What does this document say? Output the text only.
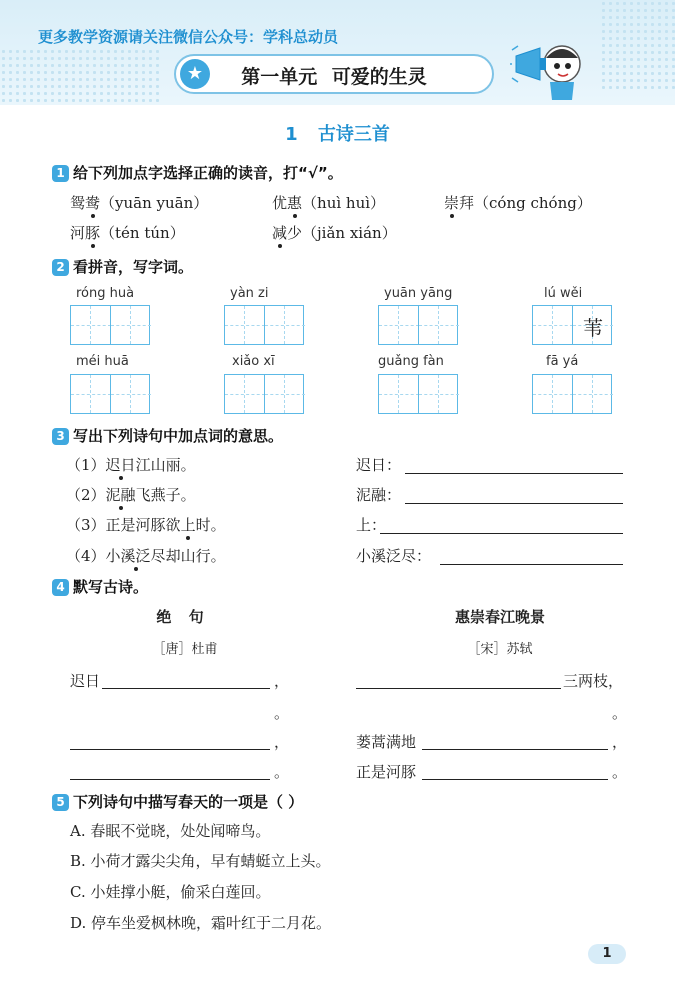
更多教学资源请关注微信公众号：学科总动员
★	第一单元 可爱的生灵
1 古诗三首
1 给下列加点字选择正确的读音，打“√”。
鸳鸯（yuān yuān）	优惠（huì huì）	崇拜（cóng chóng）
河豚（tén tún）	减少（jiǎn xián）
2 看拼音，写字词。
róng huà	yàn zi	yuān yāng	lú wěi
苇
méi huā	xiǎo xī	guǎng fàn	fā yá
3 写出下列诗句中加点词的意思。
（1）迟日江山丽。	迟日：
（2）泥融飞燕子。	泥融：
（3）正是河豚欲上时。	上：
（4）小溪泛尽却山行。	小溪泛尽：
4 默写古诗。
绝 句
［唐］杜甫
迟日	，
。
，
。
惠崇春江晚景
［宋］苏轼
三两枝，
。
蒌蒿满地	，
正是河豚	。
5 下列诗句中描写春天的一项是（ ）
A. 春眠不觉晓，处处闻啼鸟。
B. 小荷才露尖尖角，早有蜻蜓立上头。
C. 小娃撑小艇，偷采白莲回。
D. 停车坐爱枫林晚，霜叶红于二月花。
1
